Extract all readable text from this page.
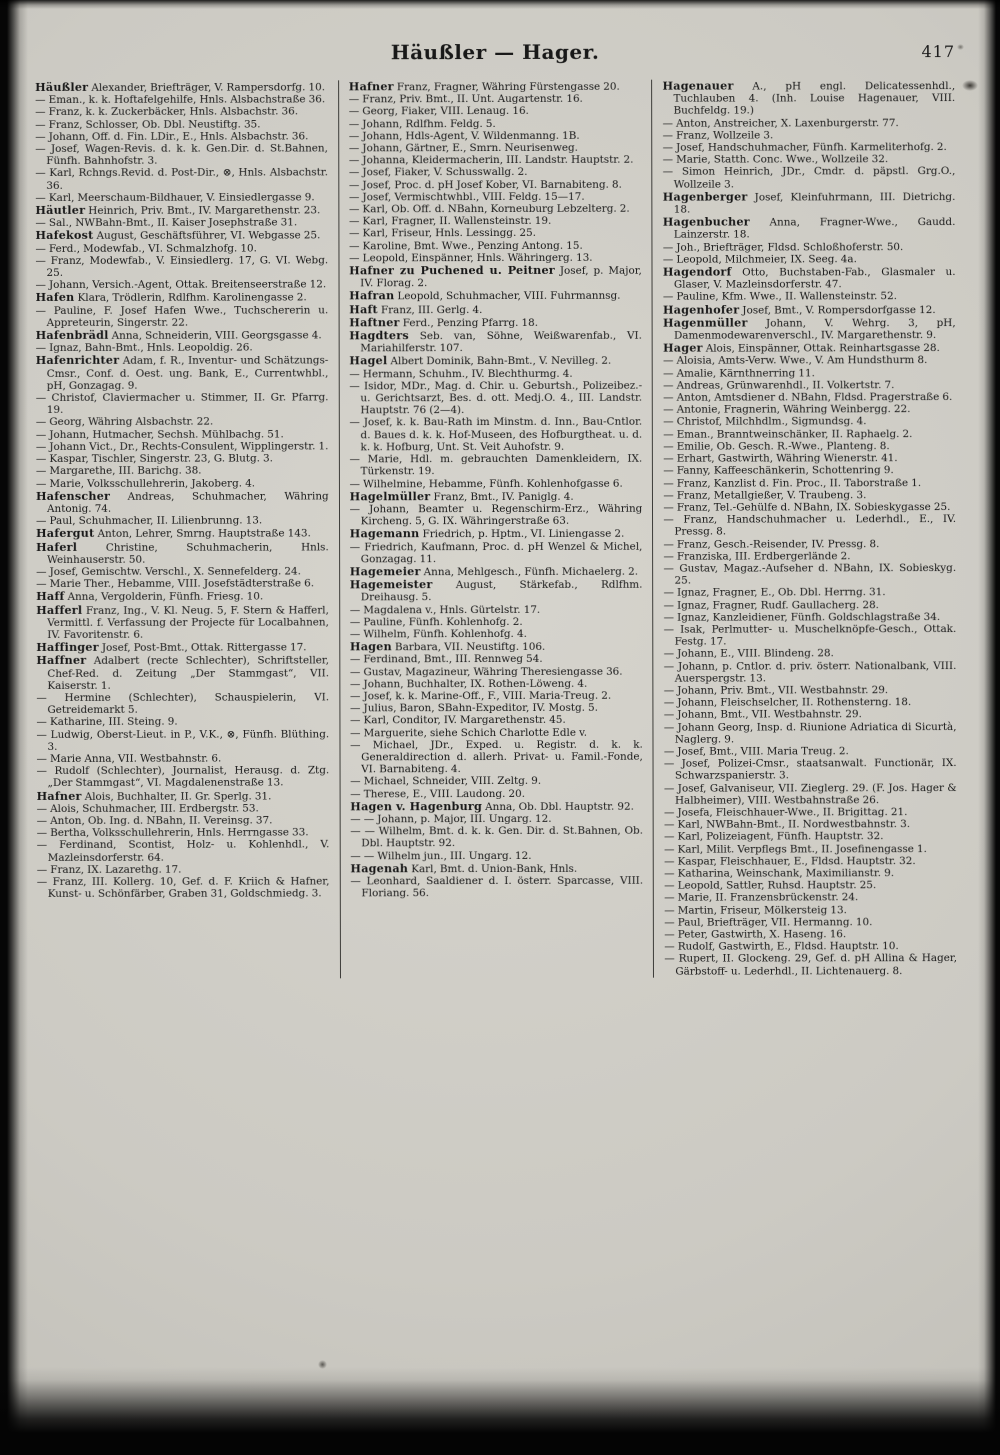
Häußler — Hager.	417
Häußler Alexander, Briefträger, V. Rampersdorfg. 10.
— Eman., k. k. Hoftafelgehilfe, Hnls. Alsbachstraße 36.
— Franz, k. k. Zuckerbäcker, Hnls. Alsbachstr. 36.
— Franz, Schlosser, Ob. Dbl. Neustiftg. 35.
— Johann, Off. d. Fin. LDir., E., Hnls. Alsbachstr. 36.
— Josef, Wagen-Revis. d. k. k. Gen.Dir. d. St.Bahnen, Fünfh. Bahnhofstr. 3.
— Karl, Rchngs.Revid. d. Post-Dir., ⊗, Hnls. Alsbachstr. 36.
— Karl, Meerschaum-Bildhauer, V. Einsiedlergasse 9.
Häutler Heinrich, Priv. Bmt., IV. Margarethenstr. 23.
— Sal., NWBahn-Bmt., II. Kaiser Josephstraße 31.
Hafekost August, Geschäftsführer, VI. Webgasse 25.
— Ferd., Modewfab., VI. Schmalzhofg. 10.
— Franz, Modewfab., V. Einsiedlerg. 17, G. VI. Webg. 25.
— Johann, Versich.-Agent, Ottak. Breitenseerstraße 12.
Hafen Klara, Trödlerin, Rdlfhm. Karolinengasse 2.
— Pauline, F. Josef Hafen Wwe., Tuchschererin u. Appreteurin, Singerstr. 22.
Hafenbrädl Anna, Schneiderin, VIII. Georgsgasse 4.
— Ignaz, Bahn-Bmt., Hnls. Leopoldig. 26.
Hafenrichter Adam, f. R., Inventur- und Schätzungs-Cmsr., Conf. d. Oest. ung. Bank, E., Currentwhbl., pH, Gonzagag. 9.
— Christof, Claviermacher u. Stimmer, II. Gr. Pfarrg. 19.
— Georg, Währing Alsbachstr. 22.
— Johann, Hutmacher, Sechsh. Mühlbachg. 51.
— Johann Vict., Dr., Rechts-Consulent, Wipplingerstr. 1.
— Kaspar, Tischler, Singerstr. 23, G. Blutg. 3.
— Margarethe, III. Barichg. 38.
— Marie, Volksschullehrerin, Jakoberg. 4.
Hafenscher Andreas, Schuhmacher, Währing Antonig. 74.
— Paul, Schuhmacher, II. Lilienbrunng. 13.
Hafergut Anton, Lehrer, Smrng. Hauptstraße 143.
Haferl Christine, Schuhmacherin, Hnls. Weinhauserstr. 50.
— Josef, Gemischtw. Verschl., X. Sennefelderg. 24.
— Marie Ther., Hebamme, VIII. Josefstädterstraße 6.
Haff Anna, Vergolderin, Fünfh. Friesg. 10.
Hafferl Franz, Ing., V. Kl. Neug. 5, F. Stern & Hafferl, Vermittl. f. Verfassung der Projecte für Localbahnen, IV. Favoritenstr. 6.
Haffinger Josef, Post-Bmt., Ottak. Rittergasse 17.
Haffner Adalbert (recte Schlechter), Schriftsteller, Chef-Red. d. Zeitung „Der Stammgast“, VII. Kaiserstr. 1.
— Hermine (Schlechter), Schauspielerin, VI. Getreidemarkt 5.
— Katharine, III. Steing. 9.
— Ludwig, Oberst-Lieut. in P., V.K., ⊗, Fünfh. Blüthing. 3.
— Marie Anna, VII. Westbahnstr. 6.
— Rudolf (Schlechter), Journalist, Herausg. d. Ztg. „Der Stammgast“, VI. Magdalenenstraße 13.
Hafner Alois, Buchhalter, II. Gr. Sperlg. 31.
— Alois, Schuhmacher, III. Erdbergstr. 53.
— Anton, Ob. Ing. d. NBahn, II. Vereinsg. 37.
— Bertha, Volksschullehrerin, Hnls. Herrngasse 33.
— Ferdinand, Scontist, Holz- u. Kohlenhdl., V. Mazleinsdorferstr. 64.
— Franz, IX. Lazarethg. 17.
— Franz, III. Kollerg. 10, Gef. d. F. Kriich & Hafner, Kunst- u. Schönfärber, Graben 31, Goldschmiedg. 3.
Hafner Franz, Fragner, Währing Fürstengasse 20.
— Franz, Priv. Bmt., II. Unt. Augartenstr. 16.
— Georg, Fiaker, VIII. Lenaug. 16.
— Johann, Rdlfhm. Feldg. 5.
— Johann, Hdls-Agent, V. Wildenmanng. 1B.
— Johann, Gärtner, E., Smrn. Neurisenweg.
— Johanna, Kleidermacherin, III. Landstr. Hauptstr. 2.
— Josef, Fiaker, V. Schusswallg. 2.
— Josef, Proc. d. pH Josef Kober, VI. Barnabiteng. 8.
— Josef, Vermischtwhbl., VIII. Feldg. 15—17.
— Karl, Ob. Off. d. NBahn, Korneuburg Lebzelterg. 2.
— Karl, Fragner, II. Wallensteinstr. 19.
— Karl, Friseur, Hnls. Lessingg. 25.
— Karoline, Bmt. Wwe., Penzing Antong. 15.
— Leopold, Einspänner, Hnls. Währingerg. 13.
Hafner zu Puchened u. Peitner Josef, p. Major, IV. Florag. 2.
Hafran Leopold, Schuhmacher, VIII. Fuhrmannsg.
Haft Franz, III. Gerlg. 4.
Haftner Ferd., Penzing Pfarrg. 18.
Hagdters Seb. van, Söhne, Weißwarenfab., VI. Mariahilferstr. 107.
Hagel Albert Dominik, Bahn-Bmt., V. Nevilleg. 2.
— Hermann, Schuhm., IV. Blechthurmg. 4.
— Isidor, MDr., Mag. d. Chir. u. Geburtsh., Polizeibez.- u. Gerichtsarzt, Bes. d. ott. Medj.O. 4., III. Landstr. Hauptstr. 76 (2—4).
— Josef, k. k. Bau-Rath im Minstm. d. Inn., Bau-Cntlor. d. Baues d. k. k. Hof-Museen, des Hofburgtheat. u. d. k. k. Hofburg, Unt. St. Veit Auhofstr. 9.
— Marie, Hdl. m. gebrauchten Damenkleidern, IX. Türkenstr. 19.
— Wilhelmine, Hebamme, Fünfh. Kohlenhofgasse 6.
Hagelmüller Franz, Bmt., IV. Paniglg. 4.
— Johann, Beamter u. Regenschirm-Erz., Währing Kircheng. 5, G. IX. Währingerstraße 63.
Hagemann Friedrich, p. Hptm., VI. Liniengasse 2.
— Friedrich, Kaufmann, Proc. d. pH Wenzel & Michel, Gonzagag. 11.
Hagemeier Anna, Mehlgesch., Fünfh. Michaelerg. 2.
Hagemeister August, Stärkefab., Rdlfhm. Dreihausg. 5.
— Magdalena v., Hnls. Gürtelstr. 17.
— Pauline, Fünfh. Kohlenhofg. 2.
— Wilhelm, Fünfh. Kohlenhofg. 4.
Hagen Barbara, VII. Neustiftg. 106.
— Ferdinand, Bmt., III. Rennweg 54.
— Gustav, Magazineur, Währing Theresiengasse 36.
— Johann, Buchhalter, IX. Rothen-Löweng. 4.
— Josef, k. k. Marine-Off., F., VIII. Maria-Treug. 2.
— Julius, Baron, SBahn-Expeditor, IV. Mostg. 5.
— Karl, Conditor, IV. Margarethenstr. 45.
— Marguerite, siehe Schich Charlotte Edle v.
— Michael, JDr., Exped. u. Registr. d. k. k. Generaldirection d. allerh. Privat- u. Famil.-Fonde, VI. Barnabiteng. 4.
— Michael, Schneider, VIII. Zeltg. 9.
— Therese, E., VIII. Laudong. 20.
Hagen v. Hagenburg Anna, Ob. Dbl. Hauptstr. 92.
— — Johann, p. Major, III. Ungarg. 12.
— — Wilhelm, Bmt. d. k. k. Gen. Dir. d. St.Bahnen, Ob. Dbl. Hauptstr. 92.
— — Wilhelm jun., III. Ungarg. 12.
Hagenah Karl, Bmt. d. Union-Bank, Hnls.
— Leonhard, Saaldiener d. I. österr. Sparcasse, VIII. Floriang. 56.
Hagenauer A., pH engl. Delicatessenhdl., Tuchlauben 4. (Inh. Louise Hagenauer, VIII. Buchfeldg. 19.)
— Anton, Anstreicher, X. Laxenburgerstr. 77.
— Franz, Wollzeile 3.
— Josef, Handschuhmacher, Fünfh. Karmeliterhofg. 2.
— Marie, Statth. Conc. Wwe., Wollzeile 32.
— Simon Heinrich, JDr., Cmdr. d. päpstl. Grg.O., Wollzeile 3.
Hagenberger Josef, Kleinfuhrmann, III. Dietrichg. 18.
Hagenbucher Anna, Fragner-Wwe., Gaudd. Lainzerstr. 18.
— Joh., Briefträger, Fldsd. Schloßhoferstr. 50.
— Leopold, Milchmeier, IX. Seeg. 4a.
Hagendorf Otto, Buchstaben-Fab., Glasmaler u. Glaser, V. Mazleinsdorferstr. 47.
— Pauline, Kfm. Wwe., II. Wallensteinstr. 52.
Hagenhofer Josef, Bmt., V. Rompersdorfgasse 12.
Hagenmüller Johann, V. Wehrg. 3, pH, Damenmodewarenverschl., IV. Margarethenstr. 9.
Hager Alois, Einspänner, Ottak. Reinhartsgasse 28.
— Aloisia, Amts-Verw. Wwe., V. Am Hundsthurm 8.
— Amalie, Kärnthnerring 11.
— Andreas, Grünwarenhdl., II. Volkertstr. 7.
— Anton, Amtsdiener d. NBahn, Fldsd. Pragerstraße 6.
— Antonie, Fragnerin, Währing Weinbergg. 22.
— Christof, Milchhdlm., Sigmundsg. 4.
— Eman., Branntweinschänker, II. Raphaelg. 2.
— Emilie, Ob. Gesch. R.-Wwe., Planteng. 8.
— Erhart, Gastwirth, Währing Wienerstr. 41.
— Fanny, Kaffeeschänkerin, Schottenring 9.
— Franz, Kanzlist d. Fin. Proc., II. Taborstraße 1.
— Franz, Metallgießer, V. Traubeng. 3.
— Franz, Tel.-Gehülfe d. NBahn, IX. Sobieskygasse 25.
— Franz, Handschuhmacher u. Lederhdl., E., IV. Pressg. 8.
— Franz, Gesch.-Reisender, IV. Pressg. 8.
— Franziska, III. Erdbergerlände 2.
— Gustav, Magaz.-Aufseher d. NBahn, IX. Sobieskyg. 25.
— Ignaz, Fragner, E., Ob. Dbl. Herrng. 31.
— Ignaz, Fragner, Rudf. Gaullacherg. 28.
— Ignaz, Kanzleidiener, Fünfh. Goldschlagstraße 34.
— Isak, Perlmutter- u. Muschelknöpfe-Gesch., Ottak. Festg. 17.
— Johann, E., VIII. Blindeng. 28.
— Johann, p. Cntlor. d. priv. österr. Nationalbank, VIII. Auerspergstr. 13.
— Johann, Priv. Bmt., VII. Westbahnstr. 29.
— Johann, Fleischselcher, II. Rothensterng. 18.
— Johann, Bmt., VII. Westbahnstr. 29.
— Johann Georg, Insp. d. Riunione Adriatica di Sicurtà, Naglerg. 9.
— Josef, Bmt., VIII. Maria Treug. 2.
— Josef, Polizei-Cmsr., staatsanwalt. Functionär, IX. Schwarzspanierstr. 3.
— Josef, Galvaniseur, VII. Zieglerg. 29. (F. Jos. Hager & Halbheimer), VIII. Westbahnstraße 26.
— Josefa, Fleischhauer-Wwe., II. Brigittag. 21.
— Karl, NWBahn-Bmt., II. Nordwestbahnstr. 3.
— Karl, Polizeiagent, Fünfh. Hauptstr. 32.
— Karl, Milit. Verpflegs Bmt., II. Josefinengasse 1.
— Kaspar, Fleischhauer, E., Fldsd. Hauptstr. 32.
— Katharina, Weinschank, Maximilianstr. 9.
— Leopold, Sattler, Ruhsd. Hauptstr. 25.
— Marie, II. Franzensbrückenstr. 24.
— Martin, Friseur, Mölkersteig 13.
— Paul, Briefträger, VII. Hermanng. 10.
— Peter, Gastwirth, X. Haseng. 16.
— Rudolf, Gastwirth, E., Fldsd. Hauptstr. 10.
— Rupert, II. Glockeng. 29, Gef. d. pH Allina & Hager, Gärbstoff- u. Lederhdl., II. Lichtenauerg. 8.
